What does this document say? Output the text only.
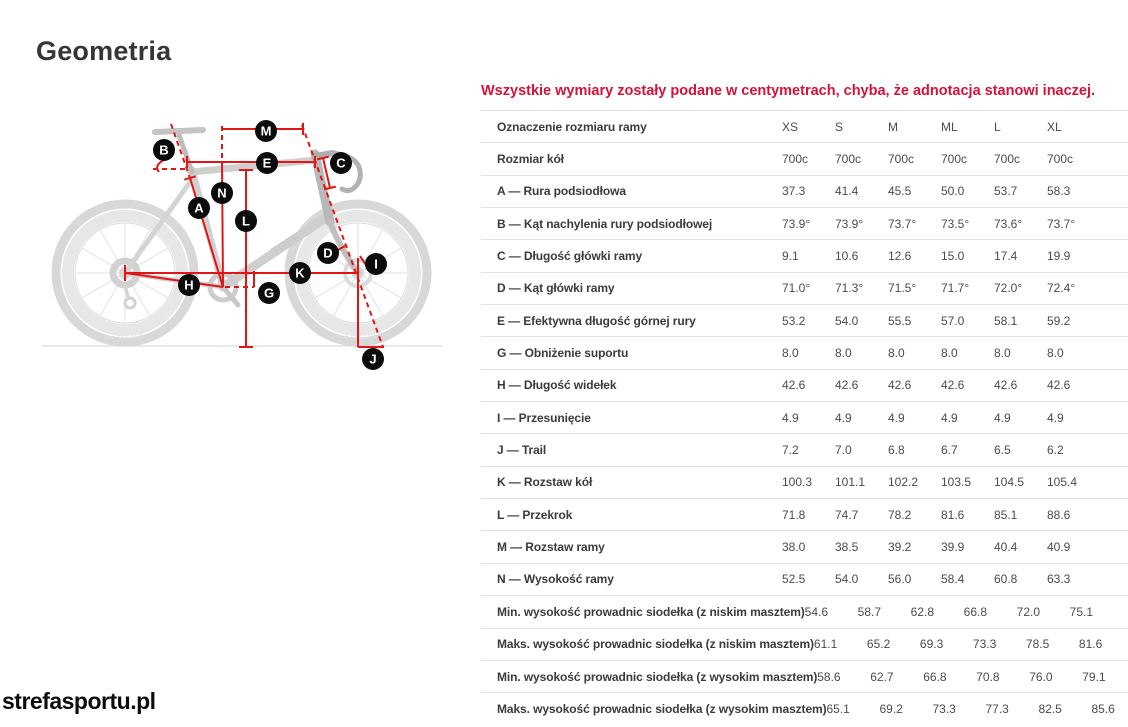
Geometria
AEOLUS	AEOLUS
TREK
A
B
C
D
E
G
H
I
J
K
L
M
N
Wszystkie wymiary zostały podane w centymetrach, chyba, że adnotacja stanowi inaczej.
Oznaczenie rozmiaru ramy	XS	S	M	ML	L	XL
Rozmiar kół	700c	700c	700c	700c	700c	700c
A — Rura podsiodłowa	37.3	41.4	45.5	50.0	53.7	58.3
B — Kąt nachylenia rury podsiodłowej	73.9°	73.9°	73.7°	73.5°	73.6°	73.7°
C — Długość główki ramy	9.1	10.6	12.6	15.0	17.4	19.9
D — Kąt główki ramy	71.0°	71.3°	71.5°	71.7°	72.0°	72.4°
E — Efektywna długość górnej rury	53.2	54.0	55.5	57.0	58.1	59.2
G — Obniżenie suportu	8.0	8.0	8.0	8.0	8.0	8.0
H — Długość widełek	42.6	42.6	42.6	42.6	42.6	42.6
I — Przesunięcie	4.9	4.9	4.9	4.9	4.9	4.9
J — Trail	7.2	7.0	6.8	6.7	6.5	6.2
K — Rozstaw kół	100.3	101.1	102.2	103.5	104.5	105.4
L — Przekrok	71.8	74.7	78.2	81.6	85.1	88.6
M — Rozstaw ramy	38.0	38.5	39.2	39.9	40.4	40.9
N — Wysokość ramy	52.5	54.0	56.0	58.4	60.8	63.3
Min. wysokość prowadnic siodełka (z niskim masztem) 54.6	58.7	62.8	66.8	72.0	75.1
Maks. wysokość prowadnic siodełka (z niskim masztem) 61.1	65.2	69.3	73.3	78.5	81.6
Min. wysokość prowadnic siodełka (z wysokim masztem) 58.6	62.7	66.8	70.8	76.0	79.1
Maks. wysokość prowadnic siodełka (z wysokim masztem) 65.1	69.2	73.3	77.3	82.5	85.6
strefasportu.pl
